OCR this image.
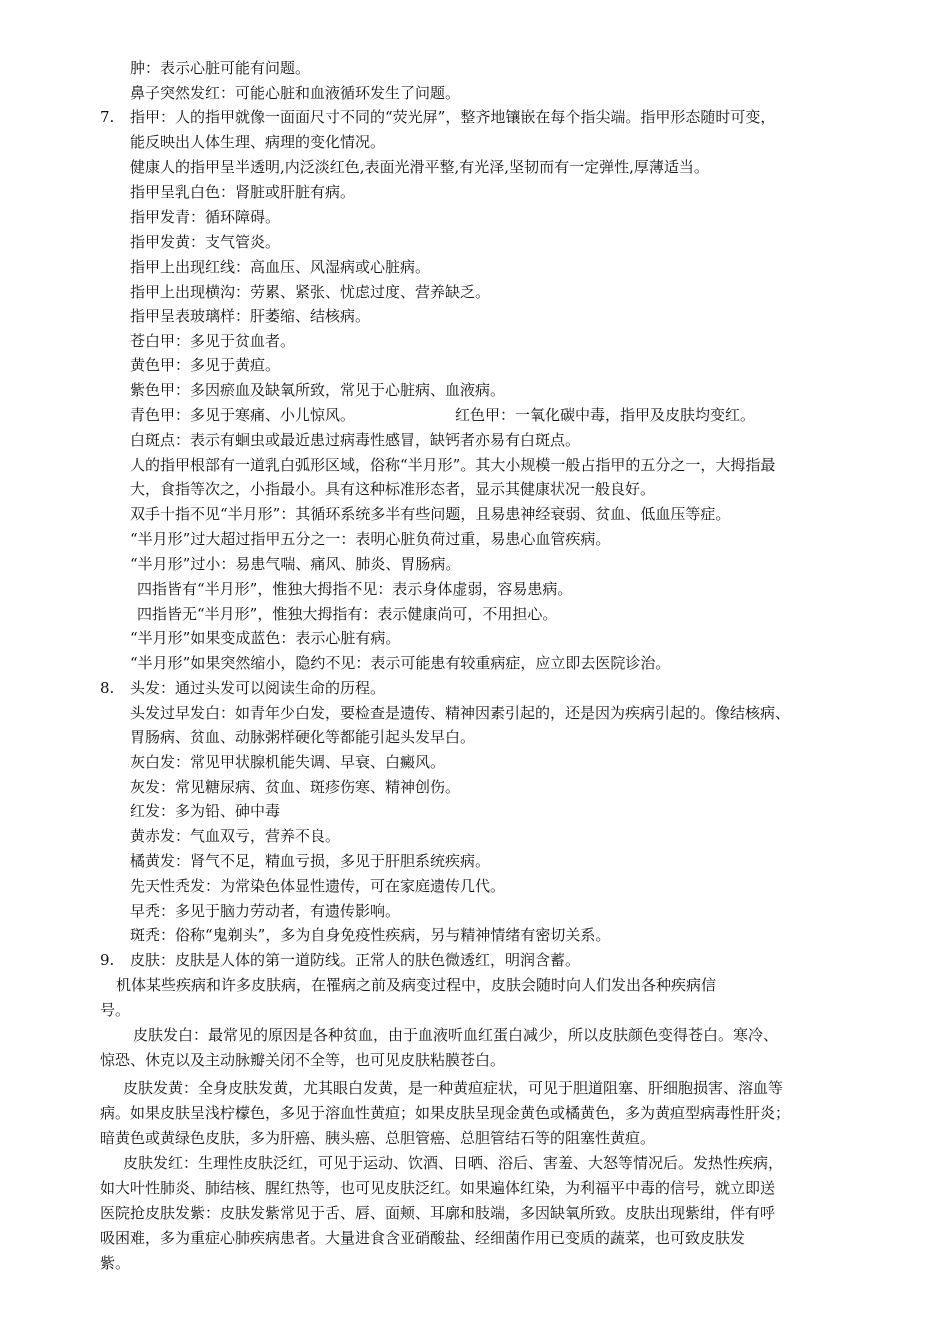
肿：表示心脏可能有问题。
鼻子突然发红：可能心脏和血液循环发生了问题。
7. 指甲：人的指甲就像一面面尺寸不同的“荧光屏”，整齐地镶嵌在每个指尖端。指甲形态随时可变，
能反映出人体生理、病理的变化情况。
健康人的指甲呈半透明,内泛淡红色,表面光滑平整,有光泽,坚韧而有一定弹性,厚薄适当。
指甲呈乳白色：肾脏或肝脏有病。
指甲发青：循环障碍。
指甲发黄：支气管炎。
指甲上出现红线：高血压、风湿病或心脏病。
指甲上出现横沟：劳累、紧张、忧虑过度、营养缺乏。
指甲呈表玻璃样：肝萎缩、结核病。
苍白甲：多见于贫血者。
黄色甲：多见于黄疸。
紫色甲：多因瘀血及缺氧所致，常见于心脏病、血液病。
青色甲：多见于寒痛、小儿惊风。	红色甲：一氧化碳中毒，指甲及皮肤均变红。
白斑点：表示有蛔虫或最近患过病毒性感冒，缺钙者亦易有白斑点。
人的指甲根部有一道乳白弧形区域，俗称“半月形”。其大小规模一般占指甲的五分之一，大拇指最
大，食指等次之，小指最小。具有这种标准形态者，显示其健康状况一般良好。
双手十指不见“半月形”：其循环系统多半有些问题，且易患神经衰弱、贫血、低血压等症。
“半月形”过大超过指甲五分之一：表明心脏负荷过重，易患心血管疾病。
“半月形”过小：易患气喘、痛风、肺炎、胃肠病。
四指皆有“半月形”，惟独大拇指不见：表示身体虚弱，容易患病。
四指皆无“半月形”，惟独大拇指有：表示健康尚可，不用担心。
“半月形”如果变成蓝色：表示心脏有病。
“半月形”如果突然缩小，隐约不见：表示可能患有较重病症，应立即去医院诊治。
8. 头发：通过头发可以阅读生命的历程。
头发过早发白：如青年少白发，要检查是遗传、精神因素引起的，还是因为疾病引起的。像结核病、
胃肠病、贫血、动脉粥样硬化等都能引起头发早白。
灰白发：常见甲状腺机能失调、早衰、白癜风。
灰发：常见糖尿病、贫血、斑疹伤寒、精神创伤。
红发：多为铅、砷中毒
黄赤发：气血双亏，营养不良。
橘黄发：肾气不足，精血亏损，多见于肝胆系统疾病。
先天性秃发：为常染色体显性遗传，可在家庭遗传几代。
早秃：多见于脑力劳动者，有遗传影响。
斑秃：俗称“鬼剃头”，多为自身免疫性疾病，另与精神情绪有密切关系。
9. 皮肤：皮肤是人体的第一道防线。正常人的肤色微透红，明润含蓄。
机体某些疾病和许多皮肤病，在罹病之前及病变过程中，皮肤会随时向人们发出各种疾病信
号。
皮肤发白：最常见的原因是各种贫血，由于血液听血红蛋白减少，所以皮肤颜色变得苍白。寒冷、
惊恐、休克以及主动脉瓣关闭不全等，也可见皮肤粘膜苍白。
皮肤发黄：全身皮肤发黄，尤其眼白发黄，是一种黄疸症状，可见于胆道阻塞、肝细胞损害、溶血等
病。如果皮肤呈浅柠檬色，多见于溶血性黄疸；如果皮肤呈现金黄色或橘黄色，多为黄疸型病毒性肝炎；
暗黄色或黄绿色皮肤，多为肝癌、胰头癌、总胆管癌、总胆管结石等的阻塞性黄疸。
皮肤发红：生理性皮肤泛红，可见于运动、饮酒、日晒、浴后、害羞、大怒等情况后。发热性疾病，
如大叶性肺炎、肺结核、腥红热等，也可见皮肤泛红。如果遍体红染，为利福平中毒的信号，就立即送
医院抢皮肤发紫：皮肤发紫常见于舌、唇、面颊、耳廓和肢端，多因缺氧所致。皮肤出现紫绀，伴有呼
吸困难，多为重症心肺疾病患者。大量进食含亚硝酸盐、经细菌作用已变质的蔬菜，也可致皮肤发
紫。
